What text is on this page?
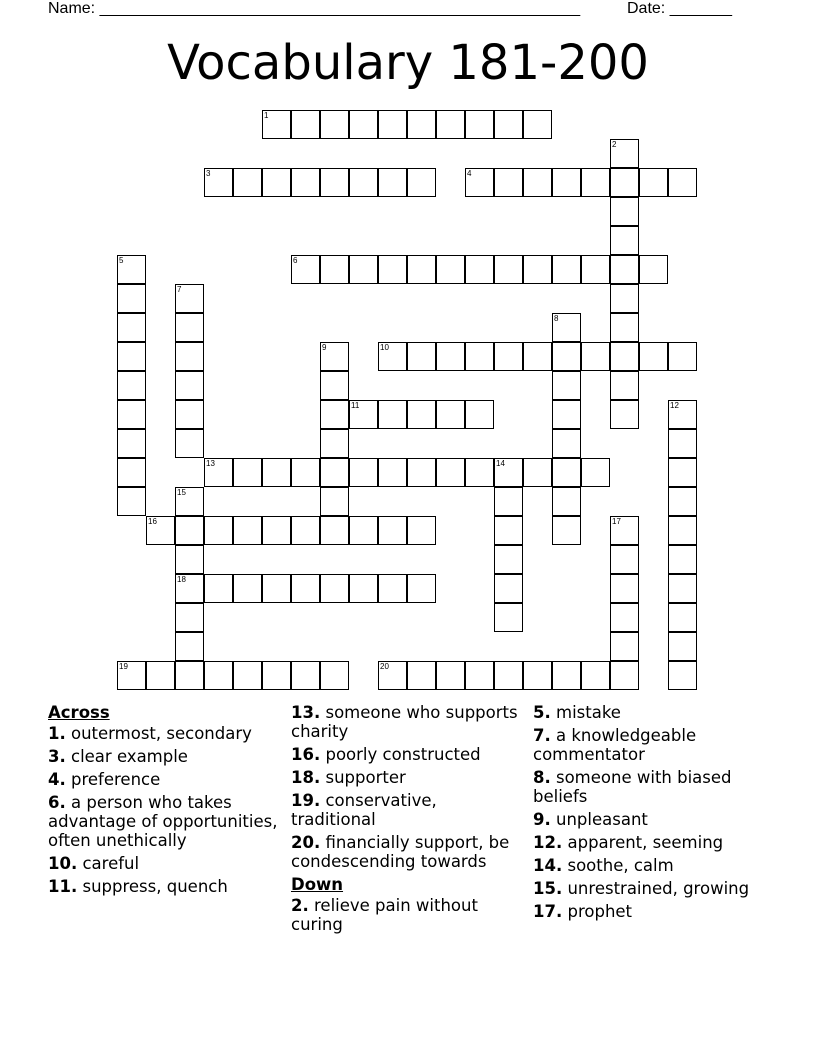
Name: ______________________________________________________	Date: _______
Vocabulary 181-200
1
2
3	4
5	6
7
8
9	10
11	12
13	14
15
18
16	17
19	20
Across
1. outermost, secondary
3. clear example
4. preference
6. a person who takes advantage of opportunities, often unethically
10. careful
11. suppress, quench
13. someone who supports charity
16. poorly constructed
18. supporter
19. conservative, traditional
20. financially support, be condescending towards
Down
2. relieve pain without curing
5. mistake
7. a knowledgeable commentator
8. someone with biased beliefs
9. unpleasant
12. apparent, seeming
14. soothe, calm
15. unrestrained, growing
17. prophet
